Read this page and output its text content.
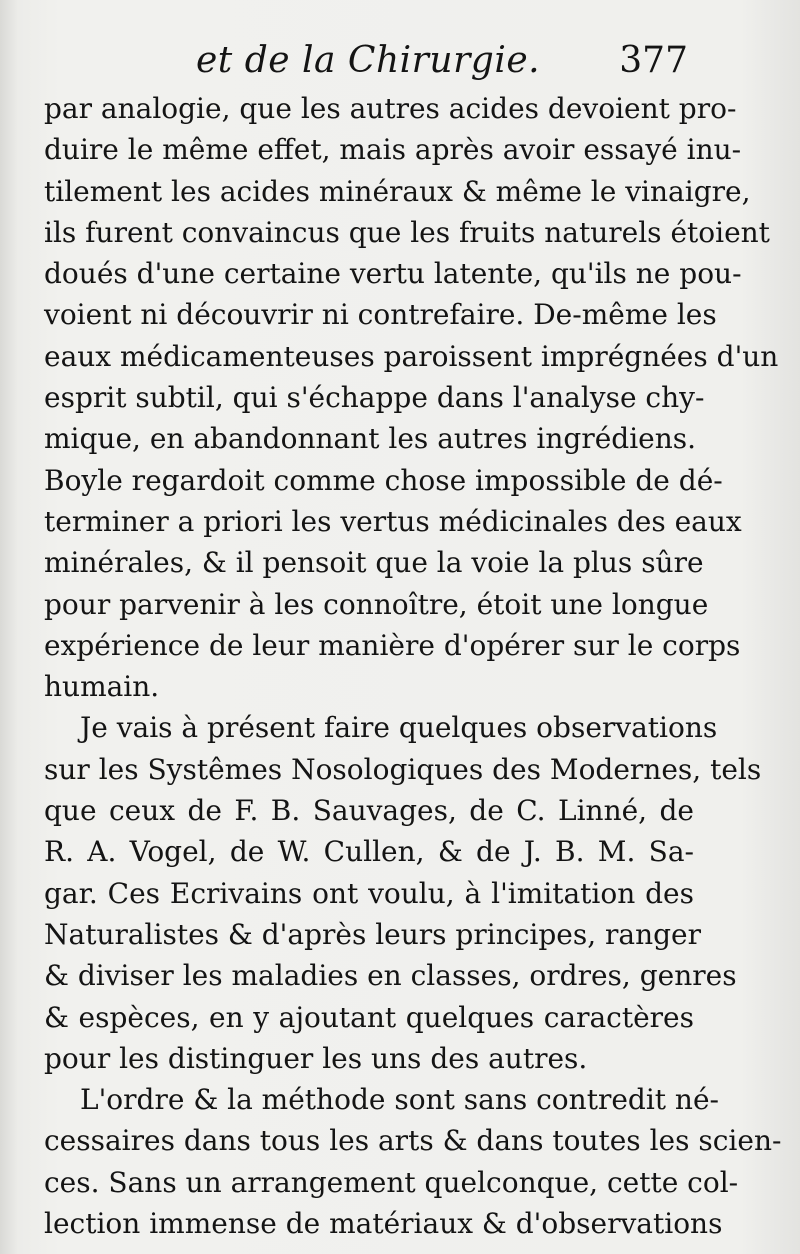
et de la Chirurgie. 377
par analogie, que les autres acides devoient pro-
duire le même effet, mais après avoir essayé inu-
tilement les acides minéraux & même le vinaigre,
ils furent convaincus que les fruits naturels étoient
doués d'une certaine vertu latente, qu'ils ne pou-
voient ni découvrir ni contrefaire. De-même les
eaux médicamenteuses paroissent imprégnées d'un
esprit subtil, qui s'échappe dans l'analyse chy-
mique, en abandonnant les autres ingrédiens.
Boyle regardoit comme chose impossible de dé-
terminer a priori les vertus médicinales des eaux
minérales, & il pensoit que la voie la plus sûre
pour parvenir à les connoître, étoit une longue
expérience de leur manière d'opérer sur le corps
humain.
Je vais à présent faire quelques observations
sur les Systêmes Nosologiques des Modernes, tels
que ceux de F. B. Sauvages, de C. Linné, de
R. A. Vogel, de W. Cullen, & de J. B. M. Sa-
gar. Ces Ecrivains ont voulu, à l'imitation des
Naturalistes & d'après leurs principes, ranger
& diviser les maladies en classes, ordres, genres
& espèces, en y ajoutant quelques caractères
pour les distinguer les uns des autres.
L'ordre & la méthode sont sans contredit né-
cessaires dans tous les arts & dans toutes les scien-
ces. Sans un arrangement quelconque, cette col-
lection immense de matériaux & d'observations
